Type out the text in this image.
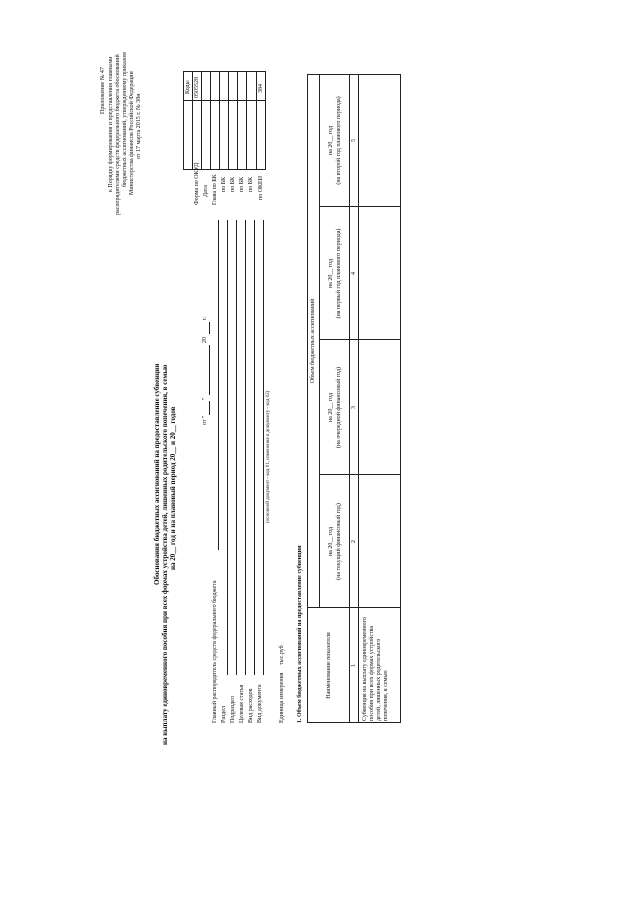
Приложение № 47 к Порядку формирования и представления главными распорядителями средств федерального бюджета обоснований бюджетных ассигнований, утвержденному приказом Министерства финансов Российской Федерации от 17 марта 2015 г. № 38н
Обоснования бюджетных ассигнований на предоставление субвенции на выплату единовременного пособия при всех формах устройства детей, лишенных родительского попечения, в семью на 20__ год и на плановый период 20__ и 20__ годов	от "
"
20
г.
Коды
Форма по ОКУД
0505528
Дата Глава по БК по БК по БК по БК по БК по ОКЕИ
384
Главный распорядитель средств федерального бюджета Раздел Подраздел Целевая статья Вид расходов Вид документа
(основной документ - код 01, изменения к документу - код 02)
Единица измерения
тыс.руб 1. Объем бюджетных ассигнований на предоставление субвенции	Наименование показателя
Объем бюджетных ассигнований
на 20__ год (на текущий финансовый год)
на 20__ год (на очередной финансовый год)
на 20__ год (на первый год планового периода)
на 20__ год (на второй год планового периода)
1
2
3
4
5
Субвенция на выплату единовременного пособия при всех формах устройства детей, лишенных родительского попечения, в семью
